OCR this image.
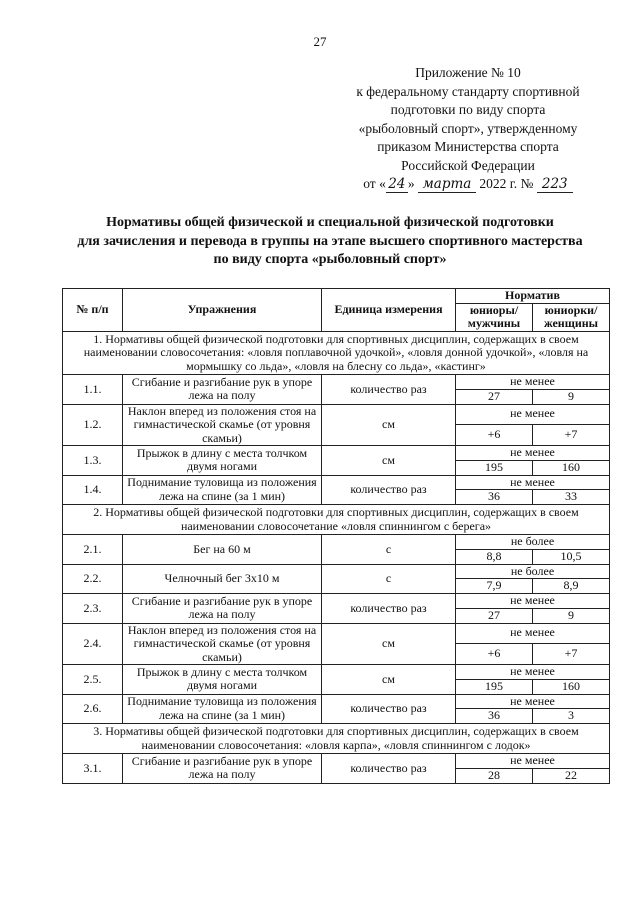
27
Приложение № 10
к федеральному стандарту спортивной
подготовки по виду спорта
«рыболовный спорт», утвержденному
приказом Министерства спорта
Российской Федерации
от « 24 » марта 2022 г. № 223
Нормативы общей физической и специальной физической подготовки
для зачисления и перевода в группы на этапе высшего спортивного мастерства
по виду спорта «рыболовный спорт»
№ п/п	Упражнения	Единица измерения	Норматив	
			юниоры/ мужчины	юниорки/ женщины
1. Нормативы общей физической подготовки для спортивных дисциплин, содержащих в своем наименовании словосочетания: «ловля поплавочной удочкой», «ловля донной удочкой», «ловля на мормышку со льда», «ловля на блесну со льда», «кастинг»				
1.1.	Сгибание и разгибание рук в упоре лежа на полу	количество раз	не менее	
			27	9
1.2.	Наклон вперед из положения стоя на гимнастической скамье (от уровня скамьи)	см	не менее	
			+6	+7
1.3.	Прыжок в длину с места толчком двумя ногами	см	не менее	
			195	160
1.4.	Поднимание туловища из положения лежа на спине (за 1 мин)	количество раз	не менее	
			36	33
2. Нормативы общей физической подготовки для спортивных дисциплин, содержащих в своем наименовании словосочетание «ловля спиннингом с берега»				
2.1.	Бег на 60 м	с	не более	
			8,8	10,5
2.2.	Челночный бег 3х10 м	с	не более	
			7,9	8,9
2.3.	Сгибание и разгибание рук в упоре лежа на полу	количество раз	не менее	
			27	9
2.4.	Наклон вперед из положения стоя на гимнастической скамье (от уровня скамьи)	см	не менее	
			+6	+7
2.5.	Прыжок в длину с места толчком двумя ногами	см	не менее	
			195	160
2.6.	Поднимание туловища из положения лежа на спине (за 1 мин)	количество раз	не менее	
			36	3
3. Нормативы общей физической подготовки для спортивных дисциплин, содержащих в своем наименовании словосочетания: «ловля карпа», «ловля спиннингом с лодок»				
3.1.	Сгибание и разгибание рук в упоре лежа на полу	количество раз	не менее	
			28	22
